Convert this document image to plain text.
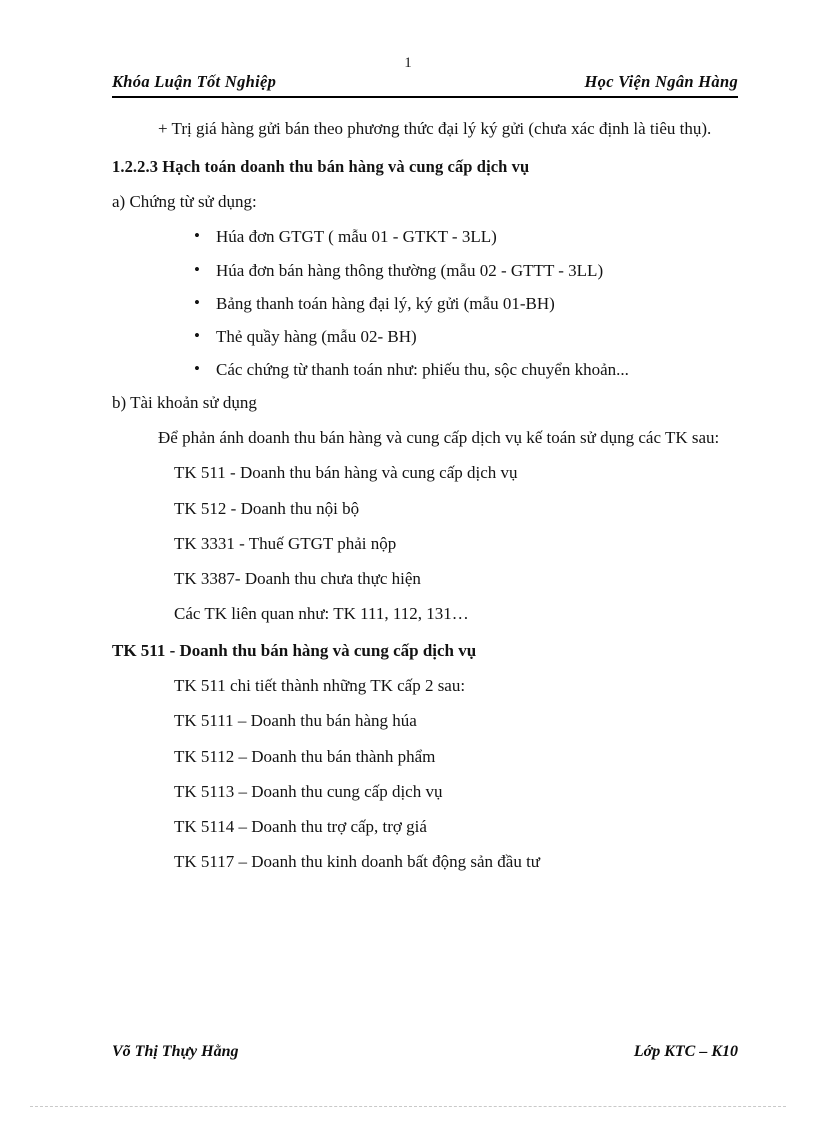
1
Khóa Luận Tốt Nghiệp	Học Viện Ngân Hàng

+ Trị giá hàng gửi bán theo phương thức đại lý ký gửi (chưa xác định là tiêu thụ).

1.2.2.3 Hạch toán doanh thu bán hàng và cung cấp dịch vụ

a) Chứng từ sử dụng:

• Húa đơn GTGT ( mẫu 01 - GTKT - 3LL)
• Húa đơn bán hàng thông thường (mẫu 02 - GTTT - 3LL)
• Bảng thanh toán hàng đại lý, ký gửi (mẫu 01-BH)
• Thẻ quầy hàng (mẫu 02- BH)
• Các chứng từ thanh toán như: phiếu thu, sộc chuyển khoản...

b) Tài khoản sử dụng

Để phản ánh doanh thu bán hàng và cung cấp dịch vụ kế toán sử dụng các TK sau:

TK 511 - Doanh thu bán hàng và cung cấp dịch vụ

TK 512 - Doanh thu nội bộ

TK 3331 - Thuế GTGT phải nộp

TK 3387- Doanh thu chưa thực hiện

Các TK liên quan như: TK 111, 112, 131…

TK 511 - Doanh thu bán hàng và cung cấp dịch vụ

TK 511 chi tiết thành những TK cấp 2 sau:

TK 5111 – Doanh thu bán hàng húa

TK 5112 – Doanh thu bán thành phẩm

TK 5113 – Doanh thu cung cấp dịch vụ

TK 5114 – Doanh thu trợ cấp, trợ giá

TK 5117 – Doanh thu kinh doanh bất động sản đầu tư

Võ Thị Thựy Hằng	Lớp KTC – K10
